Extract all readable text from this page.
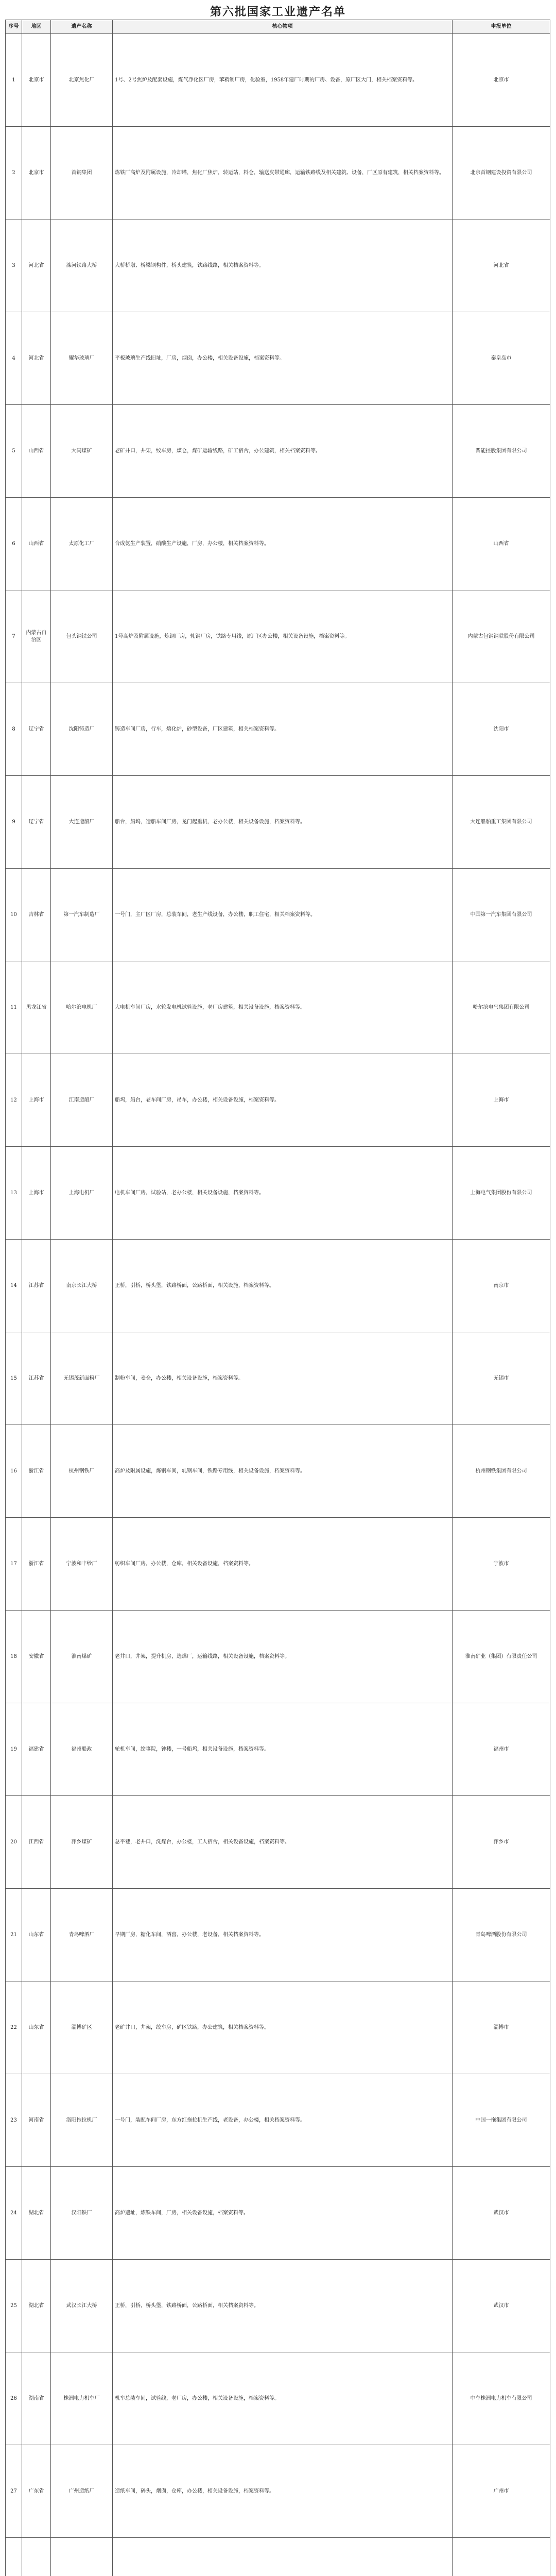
第六批国家工业遗产名单
序号	地区	遗产名称	核心物项	申报单位
1	北京市	北京焦化厂	1号、2号焦炉及配套设施，煤气净化区厂房，苯精制厂房，化验室，1958年建厂时期的厂房、设备，原厂区大门，相关档案资料等。	北京市
2	北京市	首钢集团	炼铁厂高炉及附属设施，冷却塔，焦化厂焦炉，转运站，料仓，输送皮带通廊，运输铁路线及相关建筑、设备，厂区原有建筑，相关档案资料等。	北京首钢建设投资有限公司
3	河北省	滦河铁路大桥	大桥桥墩、桥梁钢构件，桥头建筑，铁路线路，相关档案资料等。	河北省
4	河北省	耀华玻璃厂	平板玻璃生产线旧址，厂房，烟囱，办公楼，相关设备设施，档案资料等。	秦皇岛市
5	山西省	大同煤矿	老矿井口，井架，绞车房，煤仓，煤矿运输线路，矿工宿舍，办公建筑，相关档案资料等。	晋能控股集团有限公司
6	山西省	太原化工厂	合成氨生产装置，硝酸生产设施，厂房，办公楼，相关档案资料等。	山西省
7	内蒙古自治区	包头钢铁公司	1号高炉及附属设施，炼钢厂房，轧钢厂房，铁路专用线，原厂区办公楼，相关设备设施，档案资料等。	内蒙古包钢钢联股份有限公司
8	辽宁省	沈阳铸造厂	铸造车间厂房，行车，熔化炉，砂型设备，厂区建筑，相关档案资料等。	沈阳市
9	辽宁省	大连造船厂	船台，船坞，造船车间厂房，龙门起重机，老办公楼，相关设备设施，档案资料等。	大连船舶重工集团有限公司
10	吉林省	第一汽车制造厂	一号门，主厂区厂房，总装车间，老生产线设备，办公楼，职工住宅，相关档案资料等。	中国第一汽车集团有限公司
11	黑龙江省	哈尔滨电机厂	大电机车间厂房，水轮发电机试验设施，老厂房建筑，相关设备设施，档案资料等。	哈尔滨电气集团有限公司
12	上海市	江南造船厂	船坞，船台，老车间厂房，吊车，办公楼，相关设备设施，档案资料等。	上海市
13	上海市	上海电机厂	电机车间厂房，试验站，老办公楼，相关设备设施，档案资料等。	上海电气集团股份有限公司
14	江苏省	南京长江大桥	正桥，引桥，桥头堡，铁路桥面，公路桥面，相关设施，档案资料等。	南京市
15	江苏省	无锡茂新面粉厂	制粉车间，麦仓，办公楼，相关设备设施，档案资料等。	无锡市
16	浙江省	杭州钢铁厂	高炉及附属设施，炼钢车间，轧钢车间，铁路专用线，相关设备设施，档案资料等。	杭州钢铁集团有限公司
17	浙江省	宁波和丰纱厂	纺织车间厂房，办公楼，仓库，相关设备设施，档案资料等。	宁波市
18	安徽省	淮南煤矿	老井口，井架，提升机房，选煤厂，运输线路，相关设备设施，档案资料等。	淮南矿业（集团）有限责任公司
19	福建省	福州船政	轮机车间，绘事院，钟楼，一号船坞，相关设备设施，档案资料等。	福州市
20	江西省	萍乡煤矿	总平巷，老井口，洗煤台，办公楼，工人宿舍，相关设备设施，档案资料等。	萍乡市
21	山东省	青岛啤酒厂	早期厂房，糖化车间，酒窖，办公楼，老设备，相关档案资料等。	青岛啤酒股份有限公司
22	山东省	淄博矿区	老矿井口，井架，绞车房，矿区铁路，办公建筑，相关档案资料等。	淄博市
23	河南省	洛阳拖拉机厂	一号门，装配车间厂房，东方红拖拉机生产线，老设备，办公楼，相关档案资料等。	中国一拖集团有限公司
24	湖北省	汉阳铁厂	高炉遗址，炼铁车间，厂房，相关设备设施，档案资料等。	武汉市
25	湖北省	武汉长江大桥	正桥，引桥，桥头堡，铁路桥面，公路桥面，相关档案资料等。	武汉市
26	湖南省	株洲电力机车厂	机车总装车间，试验线，老厂房，办公楼，相关设备设施，档案资料等。	中车株洲电力机车有限公司
27	广东省	广州造纸厂	造纸车间，码头，烟囱，仓库，办公楼，相关设备设施，档案资料等。	广州市
